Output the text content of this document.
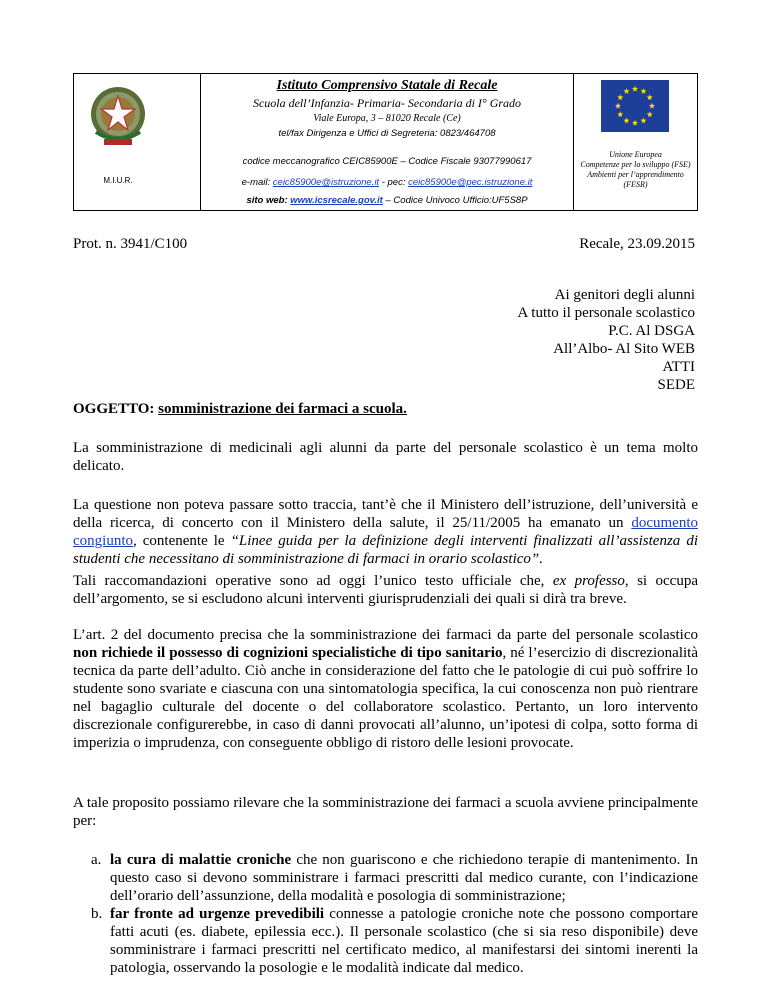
M.I.U.R.
Istituto Comprensivo Statale di Recale
Scuola dell’Infanzia- Primaria- Secondaria di I° Grado
Viale Europa, 3 – 81020 Recale (Ce)
tel/fax Dirigenza e Uffici di Segreteria: 0823/464708
codice meccanografico CEIC85900E – Codice Fiscale 93077990617
e-mail: ceic85900e@istruzione.it - pec: ceic85900e@pec.istruzione.it
sito web: www.icsrecale.gov.it – Codice Univoco Ufficio:UF5S8P
Unione Europea
Competenze per lo sviluppo (FSE)
Ambienti per l’apprendimento (FESR)
Prot. n. 3941/C100	Recale, 23.09.2015
Ai genitori degli alunni
A tutto il personale scolastico
P.C. Al DSGA
All’Albo- Al Sito WEB
ATTI
SEDE
OGGETTO: somministrazione dei farmaci a scuola.
La somministrazione di medicinali agli alunni da parte del personale scolastico è un tema molto delicato.
La questione non poteva passare sotto traccia, tant’è che il Ministero dell’istruzione, dell’università e della ricerca, di concerto con il Ministero della salute, il 25/11/2005 ha emanato un documento congiunto, contenente le “Linee guida per la definizione degli interventi finalizzati all’assistenza di studenti che necessitano di somministrazione di farmaci in orario scolastico”.
Tali raccomandazioni operative sono ad oggi l’unico testo ufficiale che, ex professo, si occupa dell’argomento, se si escludono alcuni interventi giurisprudenziali dei quali si dirà tra breve.
L’art. 2 del documento precisa che la somministrazione dei farmaci da parte del personale scolastico non richiede il possesso di cognizioni specialistiche di tipo sanitario, né l’esercizio di discrezionalità tecnica da parte dell’adulto. Ciò anche in considerazione del fatto che le patologie di cui può soffrire lo studente sono svariate e ciascuna con una sintomatologia specifica, la cui conoscenza non può rientrare nel bagaglio culturale del docente o del collaboratore scolastico. Pertanto, un loro intervento discrezionale configurerebbe, in caso di danni provocati all’alunno, un’ipotesi di colpa, sotto forma di imperizia o imprudenza, con conseguente obbligo di ristoro delle lesioni provocate.
A tale proposito possiamo rilevare che la somministrazione dei farmaci a scuola avviene principalmente per:
a. la cura di malattie croniche che non guariscono e che richiedono terapie di mantenimento. In questo caso si devono somministrare i farmaci prescritti dal medico curante, con l’indicazione dell’orario dell’assunzione, della modalità e posologia di somministrazione;
b. far fronte ad urgenze prevedibili connesse a patologie croniche note che possono comportare fatti acuti (es. diabete, epilessia ecc.). Il personale scolastico (che si sia reso disponibile) deve somministrare i farmaci prescritti nel certificato medico, al manifestarsi dei sintomi inerenti la patologia, osservando la posologie e le modalità indicate dal medico.
